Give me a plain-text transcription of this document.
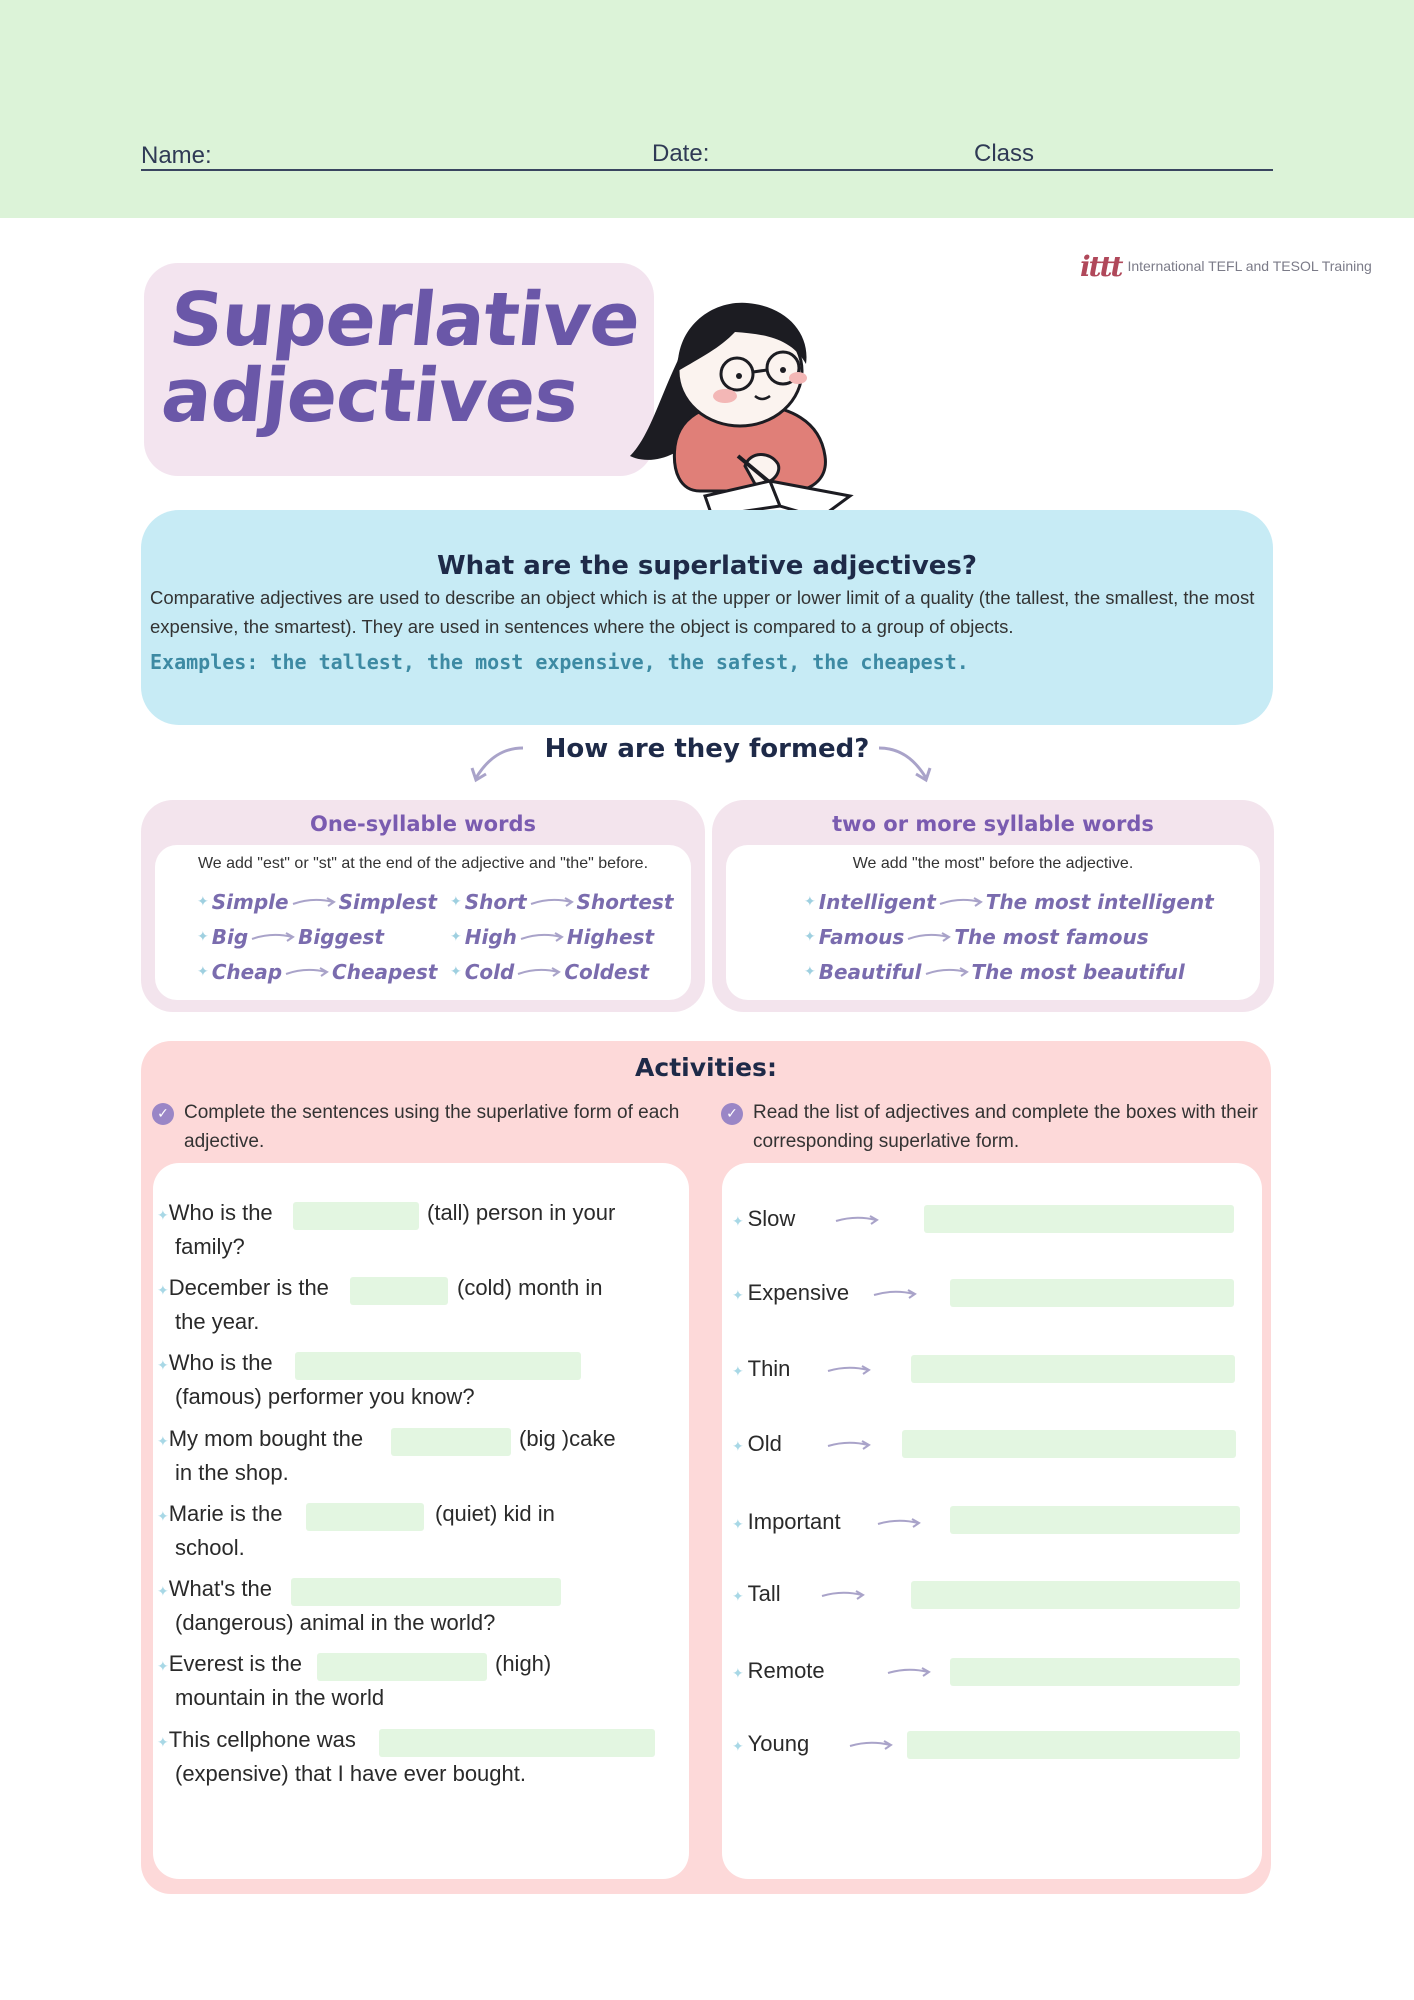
Name:	Date:	Class
ittt International TEFL and TESOL Training
Superlative
adjectives
What are the superlative adjectives?
Comparative adjectives are used to describe an object which is at the upper or lower limit of a quality (the tallest, the smallest, the most expensive, the smartest). They are used in sentences where the object is compared to a group of objects.
Examples: the tallest, the most expensive, the safest, the cheapest.
How are they formed?
One-syllable words
We add "est" or "st" at the end of the adjective and "the" before.
✦ Simple	Simplest ✦ Short	Shortest
✦ Big	Biggest	✦ High	Highest
✦ Cheap	Cheapest ✦ Cold	Coldest
two or more syllable words
We add "the most" before the adjective.
✦ Intelligent	The most intelligent
✦ Famous	The most famous
✦ Beautiful	The most beautiful
Activities:
✓ Complete the sentences using the superlative form of each adjective.
✓ Read the list of adjectives and complete the boxes with their corresponding superlative form.
✦Who is the	(tall) person in your
family?
✦December is the	(cold) month in
the year.
✦Who is the
(famous) performer you know?
✦My mom bought the	(big )cake
in the shop.
✦Marie is the	(quiet) kid in
school.
✦What's the
(dangerous) animal in the world?
✦Everest is the	(high)
mountain in the world
✦This cellphone was
(expensive) that I have ever bought.
✦ Slow
✦ Expensive
✦ Thin
✦ Old
✦ Important
✦ Tall
✦ Remote
✦ Young
